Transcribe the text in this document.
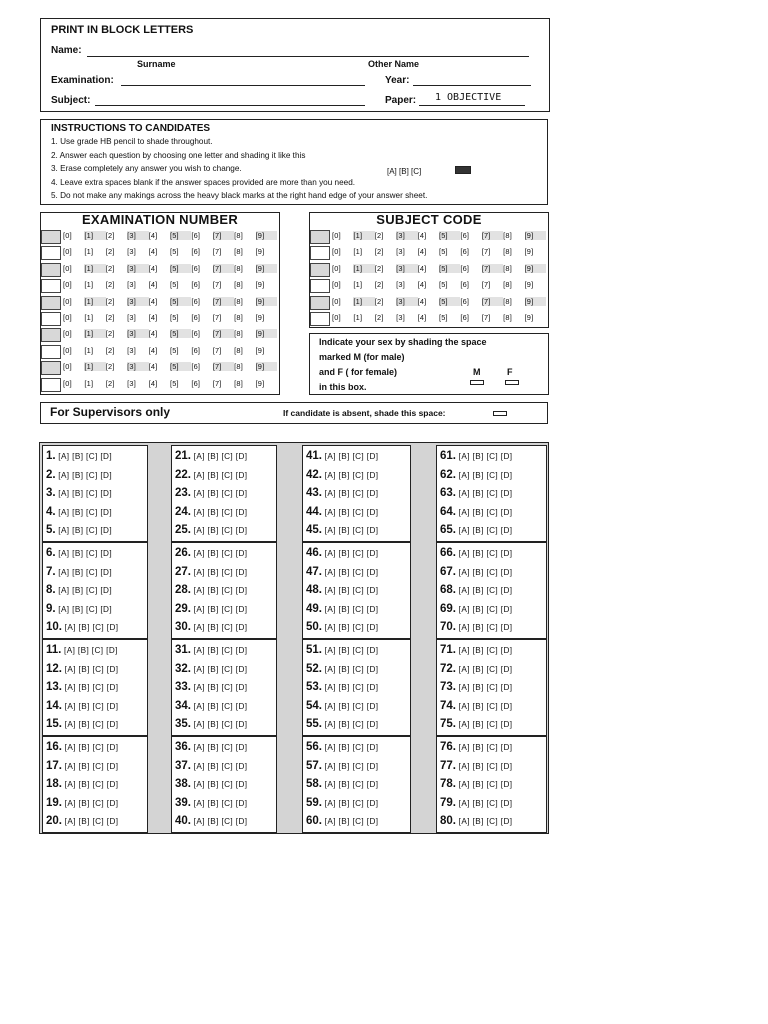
PRINT IN BLOCK LETTERS
Name:
Surname	Other Name
Examination:	Year:
Subject:	Paper: 1 OBJECTIVE
INSTRUCTIONS TO CANDIDATES
1. Use grade HB pencil to shade throughout.
2. Answer each question by choosing one letter and shading it like this
3. Erase completely any answer you wish to change.
4. Leave extra spaces blank if the answer spaces provided are more than you need.
5. Do not make any makings across the heavy black marks at the right hand edge of your answer sheet.
[A] [B] [C]
EXAMINATION NUMBER
[0] [1] [2] [3] [4] [5] [6] [7] [8] [9]
[0] [1] [2] [3] [4] [5] [6] [7] [8] [9]
[0] [1] [2] [3] [4] [5] [6] [7] [8] [9]
[0] [1] [2] [3] [4] [5] [6] [7] [8] [9]
[0] [1] [2] [3] [4] [5] [6] [7] [8] [9]
[0] [1] [2] [3] [4] [5] [6] [7] [8] [9]
[0] [1] [2] [3] [4] [5] [6] [7] [8] [9]
[0] [1] [2] [3] [4] [5] [6] [7] [8] [9]
[0] [1] [2] [3] [4] [5] [6] [7] [8] [9]
[0] [1] [2] [3] [4] [5] [6] [7] [8] [9]
SUBJECT CODE
[0] [1] [2] [3] [4] [5] [6] [7] [8] [9]
[0] [1] [2] [3] [4] [5] [6] [7] [8] [9]
[0] [1] [2] [3] [4] [5] [6] [7] [8] [9]
[0] [1] [2] [3] [4] [5] [6] [7] [8] [9]
[0] [1] [2] [3] [4] [5] [6] [7] [8] [9]
[0] [1] [2] [3] [4] [5] [6] [7] [8] [9]
Indicate your sex by shading the space
marked M (for male)
and F ( for female)
in this box.
M	F
For Supervisors only	If candidate is absent, shade this space:
1. [A] [B] [C] [D]
2. [A] [B] [C] [D]
3. [A] [B] [C] [D]
4. [A] [B] [C] [D]
5. [A] [B] [C] [D]
6. [A] [B] [C] [D]
7. [A] [B] [C] [D]
8. [A] [B] [C] [D]
9. [A] [B] [C] [D]
10. [A] [B] [C] [D]
11. [A] [B] [C] [D]
12. [A] [B] [C] [D]
13. [A] [B] [C] [D]
14. [A] [B] [C] [D]
15. [A] [B] [C] [D]
16. [A] [B] [C] [D]
17. [A] [B] [C] [D]
18. [A] [B] [C] [D]
19. [A] [B] [C] [D]
20. [A] [B] [C] [D]
21. [A] [B] [C] [D]
22. [A] [B] [C] [D]
23. [A] [B] [C] [D]
24. [A] [B] [C] [D]
25. [A] [B] [C] [D]
26. [A] [B] [C] [D]
27. [A] [B] [C] [D]
28. [A] [B] [C] [D]
29. [A] [B] [C] [D]
30. [A] [B] [C] [D]
31. [A] [B] [C] [D]
32. [A] [B] [C] [D]
33. [A] [B] [C] [D]
34. [A] [B] [C] [D]
35. [A] [B] [C] [D]
36. [A] [B] [C] [D]
37. [A] [B] [C] [D]
38. [A] [B] [C] [D]
39. [A] [B] [C] [D]
40. [A] [B] [C] [D]
41. [A] [B] [C] [D]
42. [A] [B] [C] [D]
43. [A] [B] [C] [D]
44. [A] [B] [C] [D]
45. [A] [B] [C] [D]
46. [A] [B] [C] [D]
47. [A] [B] [C] [D]
48. [A] [B] [C] [D]
49. [A] [B] [C] [D]
50. [A] [B] [C] [D]
51. [A] [B] [C] [D]
52. [A] [B] [C] [D]
53. [A] [B] [C] [D]
54. [A] [B] [C] [D]
55. [A] [B] [C] [D]
56. [A] [B] [C] [D]
57. [A] [B] [C] [D]
58. [A] [B] [C] [D]
59. [A] [B] [C] [D]
60. [A] [B] [C] [D]
61. [A] [B] [C] [D]
62. [A] [B] [C] [D]
63. [A] [B] [C] [D]
64. [A] [B] [C] [D]
65. [A] [B] [C] [D]
66. [A] [B] [C] [D]
67. [A] [B] [C] [D]
68. [A] [B] [C] [D]
69. [A] [B] [C] [D]
70. [A] [B] [C] [D]
71. [A] [B] [C] [D]
72. [A] [B] [C] [D]
73. [A] [B] [C] [D]
74. [A] [B] [C] [D]
75. [A] [B] [C] [D]
76. [A] [B] [C] [D]
77. [A] [B] [C] [D]
78. [A] [B] [C] [D]
79. [A] [B] [C] [D]
80. [A] [B] [C] [D]
